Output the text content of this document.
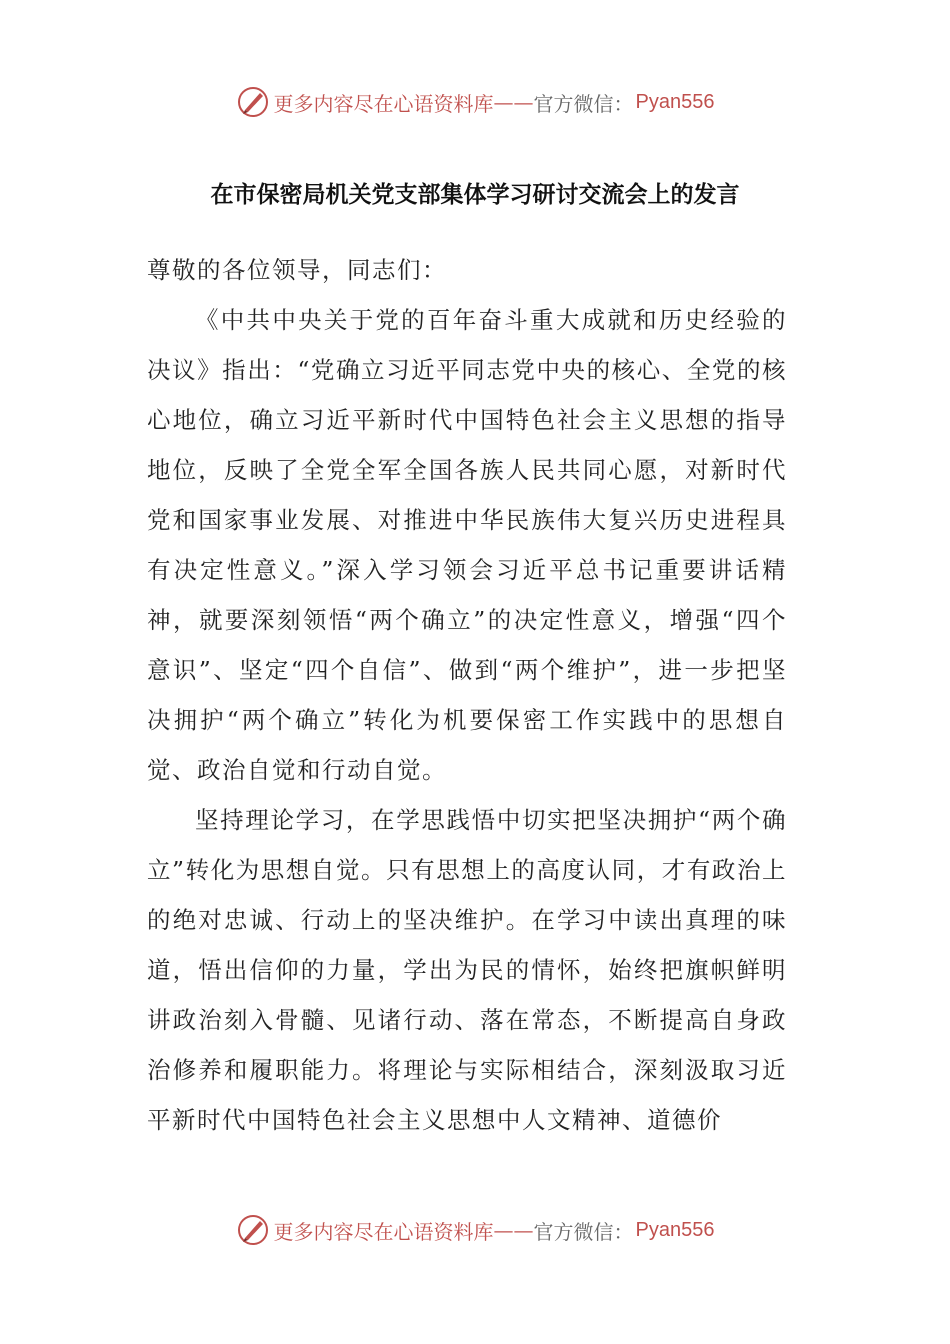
更多内容尽在心语资料库 —— 官方微信： Pyan556
在市保密局机关党支部集体学习研讨交流会上的发言

尊敬的各位领导，同志们：

《中共中央关于党的百年奋斗重大成就和历史经验的决议》指出：“党确立习近平同志党中央的核心、全党的核心地位，确立习近平新时代中国特色社会主义思想的指导地位，反映了全党全军全国各族人民共同心愿，对新时代党和国家事业发展、对推进中华民族伟大复兴历史进程具有决定性意义。”深入学习领会习近平总书记重要讲话精神，就要深刻领悟“两个确立”的决定性意义，增强“四个意识”、坚定“四个自信”、做到“两个维护”，进一步把坚决拥护“两个确立”转化为机要保密工作实践中的思想自觉、政治自觉和行动自觉。

坚持理论学习，在学思践悟中切实把坚决拥护“两个确立”转化为思想自觉。只有思想上的高度认同，才有政治上的绝对忠诚、行动上的坚决维护。在学习中读出真理的味道，悟出信仰的力量，学出为民的情怀，始终把旗帜鲜明讲政治刻入骨髓、见诸行动、落在常态，不断提高自身政治修养和履职能力。将理论与实际相结合，深刻汲取习近平新时代中国特色社会主义思想中人文精神、道德价

更多内容尽在心语资料库 —— 官方微信： Pyan556
